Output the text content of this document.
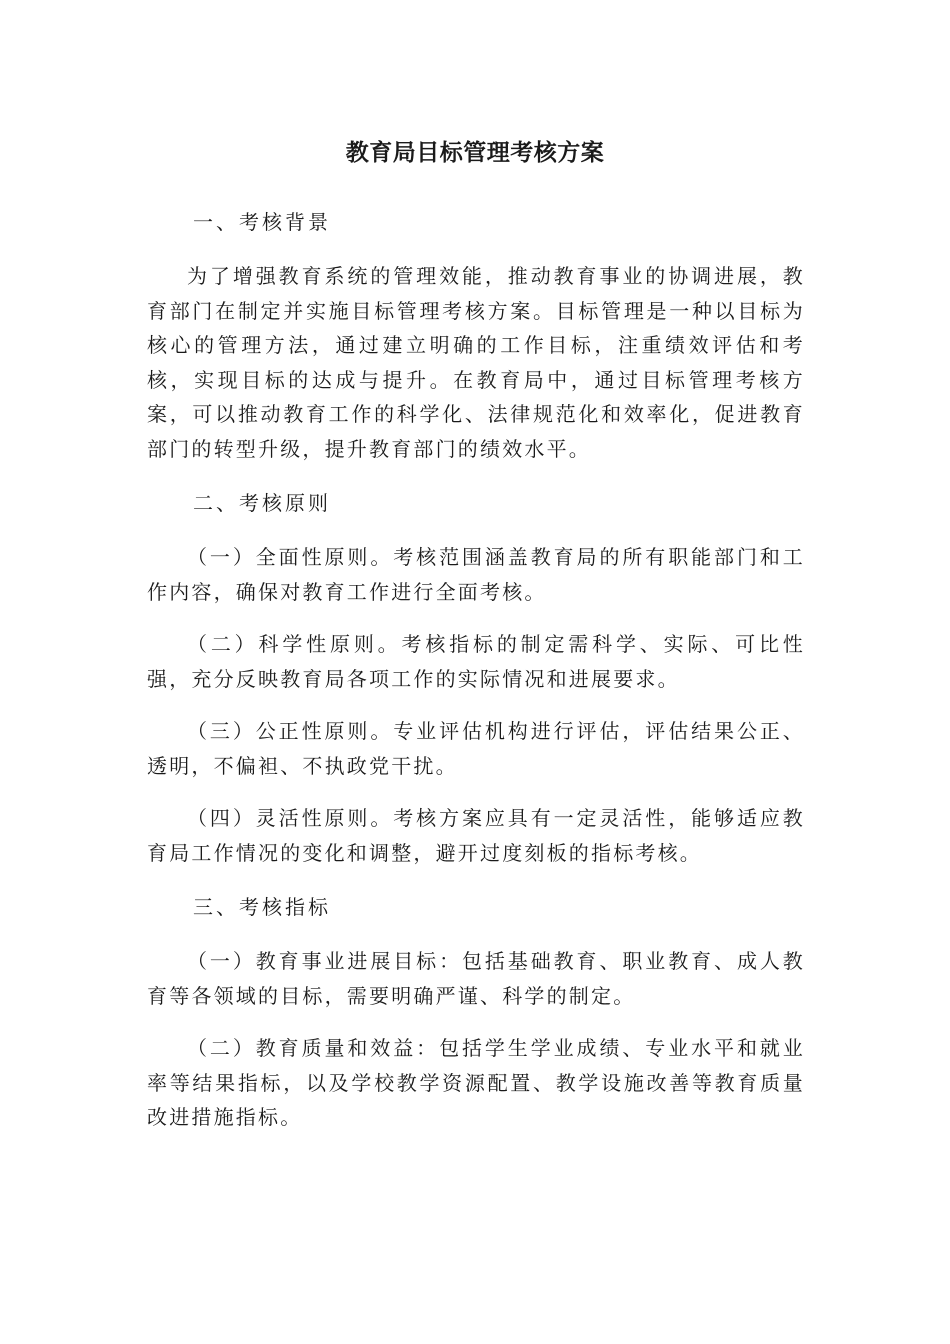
教育局目标管理考核方案

一、考核背景

为了增强教育系统的管理效能，推动教育事业的协调进展，教育部门在制定并实施目标管理考核方案。目标管理是一种以目标为核心的管理方法，通过建立明确的工作目标，注重绩效评估和考核，实现目标的达成与提升。在教育局中，通过目标管理考核方案，可以推动教育工作的科学化、法律规范化和效率化，促进教育部门的转型升级，提升教育部门的绩效水平。

二、考核原则

（一）全面性原则。考核范围涵盖教育局的所有职能部门和工作内容，确保对教育工作进行全面考核。

（二）科学性原则。考核指标的制定需科学、实际、可比性强，充分反映教育局各项工作的实际情况和进展要求。

（三）公正性原则。专业评估机构进行评估，评估结果公正、透明，不偏袒、不执政党干扰。

（四）灵活性原则。考核方案应具有一定灵活性，能够适应教育局工作情况的变化和调整，避开过度刻板的指标考核。

三、考核指标

（一）教育事业进展目标：包括基础教育、职业教育、成人教育等各领域的目标，需要明确严谨、科学的制定。

（二）教育质量和效益：包括学生学业成绩、专业水平和就业率等结果指标，以及学校教学资源配置、教学设施改善等教育质量改进措施指标。
